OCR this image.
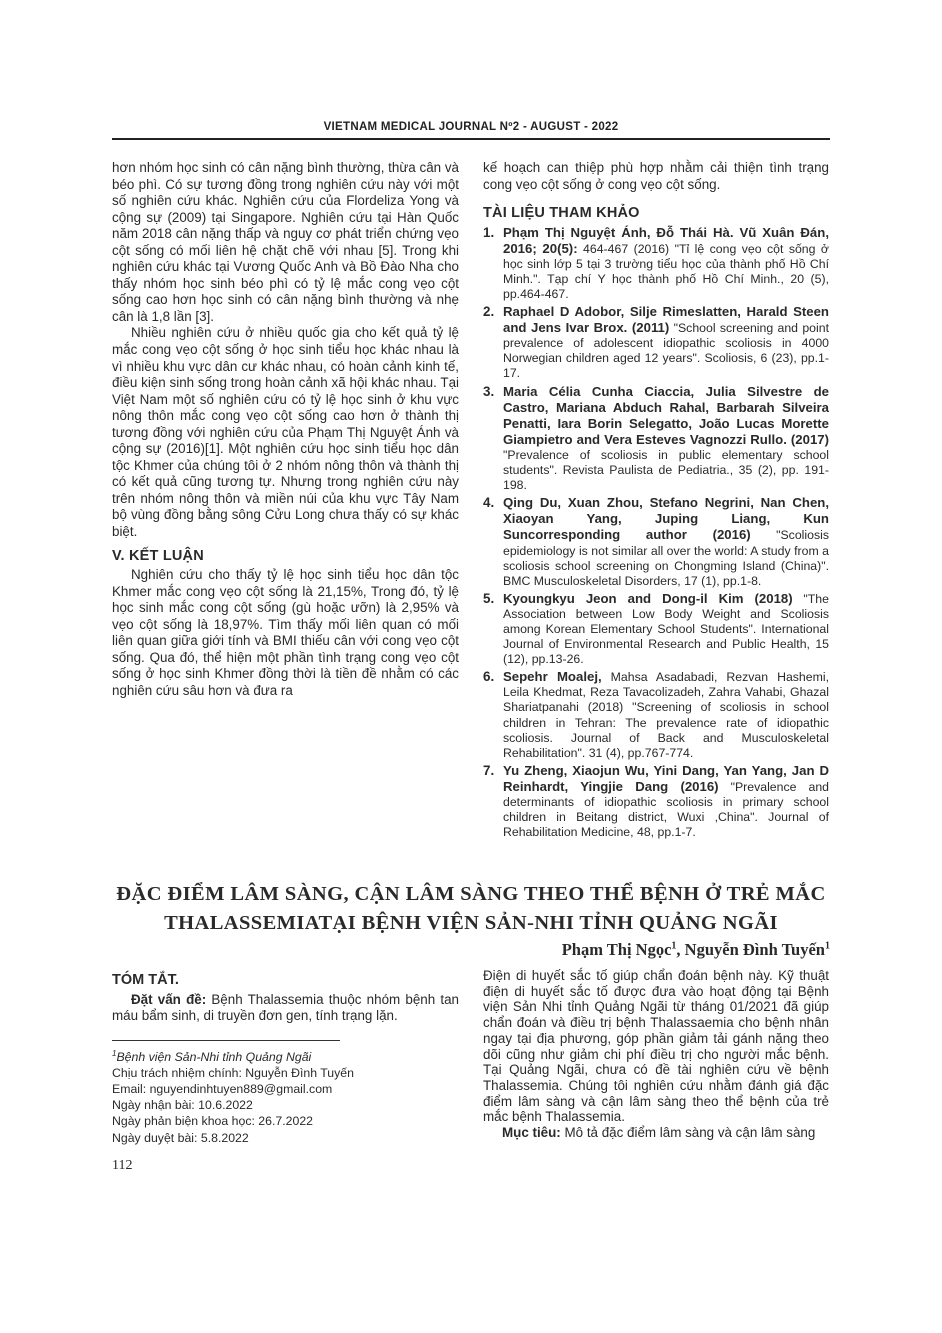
VIETNAM MEDICAL JOURNAL Nº2 - AUGUST - 2022

hơn nhóm học sinh có cân nặng bình thường, thừa cân và béo phì. Có sự tương đồng trong nghiên cứu này với một số nghiên cứu khác. Nghiên cứu của Flordeliza Yong và cộng sự (2009) tại Singapore. Nghiên cứu tại Hàn Quốc năm 2018 cân nặng thấp và nguy cơ phát triển chứng vẹo cột sống có mối liên hệ chặt chẽ với nhau [5]. Trong khi nghiên cứu khác tại Vương Quốc Anh và Bồ Đào Nha cho thấy nhóm học sinh béo phì có tỷ lệ mắc cong vẹo cột sống cao hơn học sinh có cân nặng bình thường và nhẹ cân là 1,8 lần [3].

Nhiều nghiên cứu ở nhiều quốc gia cho kết quả tỷ lệ mắc cong vẹo cột sống ở học sinh tiểu học khác nhau là vì nhiều khu vực dân cư khác nhau, có hoàn cảnh kinh tế, điều kiện sinh sống trong hoàn cảnh xã hội khác nhau. Tại Việt Nam một số nghiên cứu có tỷ lệ học sinh ở khu vực nông thôn mắc cong vẹo cột sống cao hơn ở thành thị tương đồng với nghiên cứu của Phạm Thị Nguyệt Ánh và cộng sự (2016)[1]. Một nghiên cứu học sinh tiểu học dân tộc Khmer của chúng tôi ở 2 nhóm nông thôn và thành thị có kết quả cũng tương tự. Nhưng trong nghiên cứu này trên nhóm nông thôn và miền núi của khu vực Tây Nam bộ vùng đồng bằng sông Cửu Long chưa thấy có sự khác biệt.

V. KẾT LUẬN

Nghiên cứu cho thấy tỷ lệ học sinh tiểu học dân tộc Khmer mắc cong vẹo cột sống là 21,15%, Trong đó, tỷ lệ học sinh mắc cong cột sống (gù hoặc ưỡn) là 2,95% và vẹo cột sống là 18,97%. Tìm thấy mối liên quan có mối liên quan giữa giới tính và BMI thiếu cân với cong vẹo cột sống. Qua đó, thể hiện một phần tình trạng cong vẹo cột sống ở học sinh Khmer đồng thời là tiền đề nhằm có các nghiên cứu sâu hơn và đưa ra

kế hoạch can thiệp phù hợp nhằm cải thiện tình trạng cong vẹo cột sống ở cong vẹo cột sống.

TÀI LIỆU THAM KHẢO
1. Phạm Thị Nguyệt Ánh, Đỗ Thái Hà. Vũ Xuân Đán, 2016; 20(5): 464-467 (2016) "Tỉ lệ cong vẹo cột sống ở học sinh lớp 5 tại 3 trường tiểu học của thành phố Hồ Chí Minh.". Tạp chí Y học thành phố Hồ Chí Minh., 20 (5), pp.464-467.
2. Raphael D Adobor, Silje Rimeslatten, Harald Steen and Jens Ivar Brox. (2011) "School screening and point prevalence of adolescent idiopathic scoliosis in 4000 Norwegian children aged 12 years". Scoliosis, 6 (23), pp.1-17.
3. Maria Célia Cunha Ciaccia, Julia Silvestre de Castro, Mariana Abduch Rahal, Barbarah Silveira Penatti, Iara Borin Selegatto, João Lucas Morette Giampietro and Vera Esteves Vagnozzi Rullo. (2017) "Prevalence of scoliosis in public elementary school students". Revista Paulista de Pediatria., 35 (2), pp. 191-198.
4. Qing Du, Xuan Zhou, Stefano Negrini, Nan Chen, Xiaoyan Yang, Juping Liang, Kun Suncorresponding author (2016) "Scoliosis epidemiology is not similar all over the world: A study from a scoliosis school screening on Chongming Island (China)". BMC Musculoskeletal Disorders, 17 (1), pp.1-8.
5. Kyoungkyu Jeon and Dong-il Kim (2018) "The Association between Low Body Weight and Scoliosis among Korean Elementary School Students". International Journal of Environmental Research and Public Health, 15 (12), pp.13-26.
6. Sepehr Moalej, Mahsa Asadabadi, Rezvan Hashemi, Leila Khedmat, Reza Tavacolizadeh, Zahra Vahabi, Ghazal Shariatpanahi (2018) "Screening of scoliosis in school children in Tehran: The prevalence rate of idiopathic scoliosis. Journal of Back and Musculoskeletal Rehabilitation". 31 (4), pp.767-774.
7. Yu Zheng, Xiaojun Wu, Yini Dang, Yan Yang, Jan D Reinhardt, Yingjie Dang (2016) "Prevalence and determinants of idiopathic scoliosis in primary school children in Beitang district, Wuxi ,China". Journal of Rehabilitation Medicine, 48, pp.1-7.
ĐẶC ĐIỂM LÂM SÀNG, CẬN LÂM SÀNG THEO THỂ BỆNH Ở TRẺ MẮC
THALASSEMIATẠI BỆNH VIỆN SẢN-NHI TỈNH QUẢNG NGÃI
Phạm Thị Ngọc$^1$, Nguyễn Đình Tuyến$^1$
TÓM TẮT.

Đặt vấn đề: Bệnh Thalassemia thuộc nhóm bệnh tan máu bẩm sinh, di truyền đơn gen, tính trạng lặn.

Điện di huyết sắc tố giúp chẩn đoán bệnh này. Kỹ thuật điện di huyết sắc tố được đưa vào hoạt động tại Bệnh viện Sản Nhi tỉnh Quảng Ngãi từ tháng 01/2021 đã giúp chẩn đoán và điều trị bệnh Thalassaemia cho bệnh nhân ngay tại địa phương, góp phần giảm tải gánh nặng theo dõi cũng như giảm chi phí điều trị cho người mắc bệnh. Tại Quảng Ngãi, chưa có đề tài nghiên cứu về bệnh Thalassemia. Chúng tôi nghiên cứu nhằm đánh giá đặc điểm lâm sàng và cận lâm sàng theo thể bệnh của trẻ mắc bệnh Thalassemia.

Mục tiêu: Mô tả đặc điểm lâm sàng và cận lâm sàng

$^1$Bệnh viện Sản-Nhi tỉnh Quảng Ngãi
Chịu trách nhiệm chính: Nguyễn Đình Tuyến
Email: nguyendinhtuyen889@gmail.com
Ngày nhận bài: 10.6.2022
Ngày phản biện khoa học: 26.7.2022
Ngày duyệt bài: 5.8.2022
112
